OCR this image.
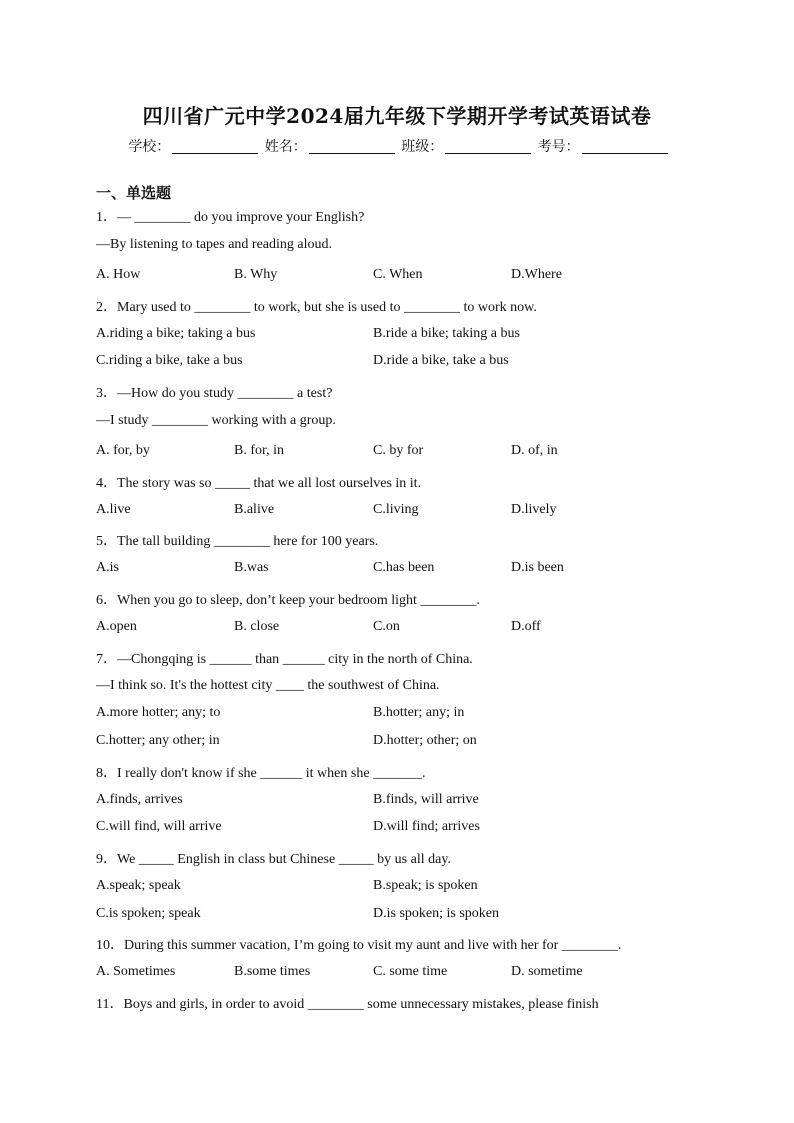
四川省广元中学2024届九年级下学期开学考试英语试卷
学校：	姓名：	班级：	考号：
一、单选题
1．— ________ do you improve your English?
—By listening to tapes and reading aloud.
A. How	B. Why	C. When	D.Where
2．Mary used to ________ to work, but she is used to ________ to work now.
A.riding a bike; taking a bus	B.ride a bike; taking a bus
C.riding a bike, take a bus	D.ride a bike, take a bus
3．—How do you study ________ a test?
—I study ________ working with a group.
A. for, by	B. for, in	C. by for	D. of, in
4．The story was so _____ that we all lost ourselves in it.
A.live	B.alive	C.living	D.lively
5．The tall building ________ here for 100 years.
A.is	B.was	C.has been	D.is been
6．When you go to sleep, don’t keep your bedroom light ________.
A.open	B. close	C.on	D.off
7．—Chongqing is ______ than ______ city in the north of China.
—I think so. It's the hottest city ____ the southwest of China.
A.more hotter; any; to	B.hotter; any; in
C.hotter; any other; in	D.hotter; other; on
8．I really don't know if she ______ it when she _______.
A.finds, arrives	B.finds, will arrive
C.will find, will arrive	D.will find; arrives
9．We _____ English in class but Chinese _____ by us all day.
A.speak; speak	B.speak; is spoken
C.is spoken; speak	D.is spoken; is spoken
10．During this summer vacation, I’m going to visit my aunt and live with her for ________.
A. Sometimes	B.some times	C. some time	D. sometime
11．Boys and girls, in order to avoid ________ some unnecessary mistakes, please finish
